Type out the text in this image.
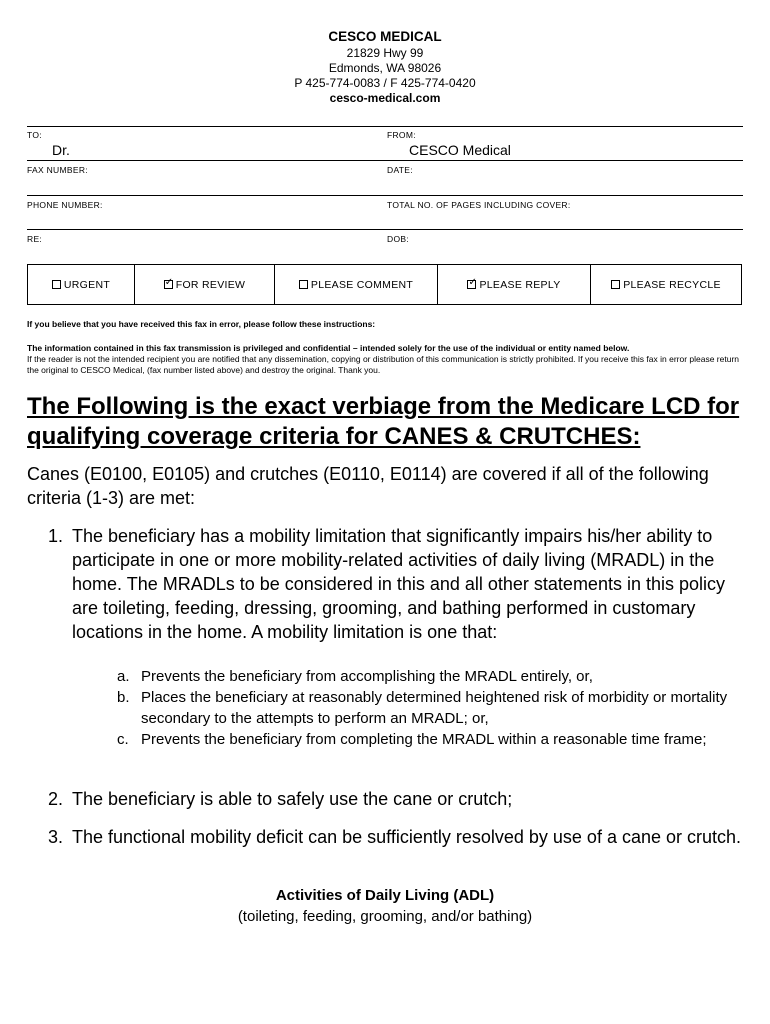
CESCO MEDICAL
21829 Hwy 99
Edmonds, WA 98026
P 425-774-0083 / F 425-774-0420
cesco-medical.com
TO:
Dr.
FROM:
CESCO Medical
FAX NUMBER:	DATE:
PHONE NUMBER:	TOTAL NO. OF PAGES INCLUDING COVER:
RE:	DOB:
URGENT ✓	FOR REVIEW	PLEASE COMMENT ✓	PLEASE REPLY	PLEASE RECYCLE
If you believe that you have received this fax in error, please follow these instructions:
The information contained in this fax transmission is privileged and confidential – intended solely for the use of the individual or entity named below.
If the reader is not the intended recipient you are notified that any dissemination, copying or distribution of this communication is strictly prohibited. If you receive this fax in error please return the original to CESCO Medical, (fax number listed above) and destroy the original. Thank you.
The Following is the exact verbiage from the Medicare LCD for qualifying coverage criteria for CANES & CRUTCHES:
Canes (E0100, E0105) and crutches (E0110, E0114) are covered if all of the following criteria (1-3) are met:
1. The beneficiary has a mobility limitation that significantly impairs his/her ability to participate in one or more mobility-related activities of daily living (MRADL) in the home. The MRADLs to be considered in this and all other statements in this policy are toileting, feeding, dressing, grooming, and bathing performed in customary locations in the home. A mobility limitation is one that:
a. Prevents the beneficiary from accomplishing the MRADL entirely, or,
b. Places the beneficiary at reasonably determined heightened risk of morbidity or mortality secondary to the attempts to perform an MRADL; or,
c. Prevents the beneficiary from completing the MRADL within a reasonable time frame;
2. The beneficiary is able to safely use the cane or crutch;
3. The functional mobility deficit can be sufficiently resolved by use of a cane or crutch.
Activities of Daily Living (ADL)
(toileting, feeding, grooming, and/or bathing)
